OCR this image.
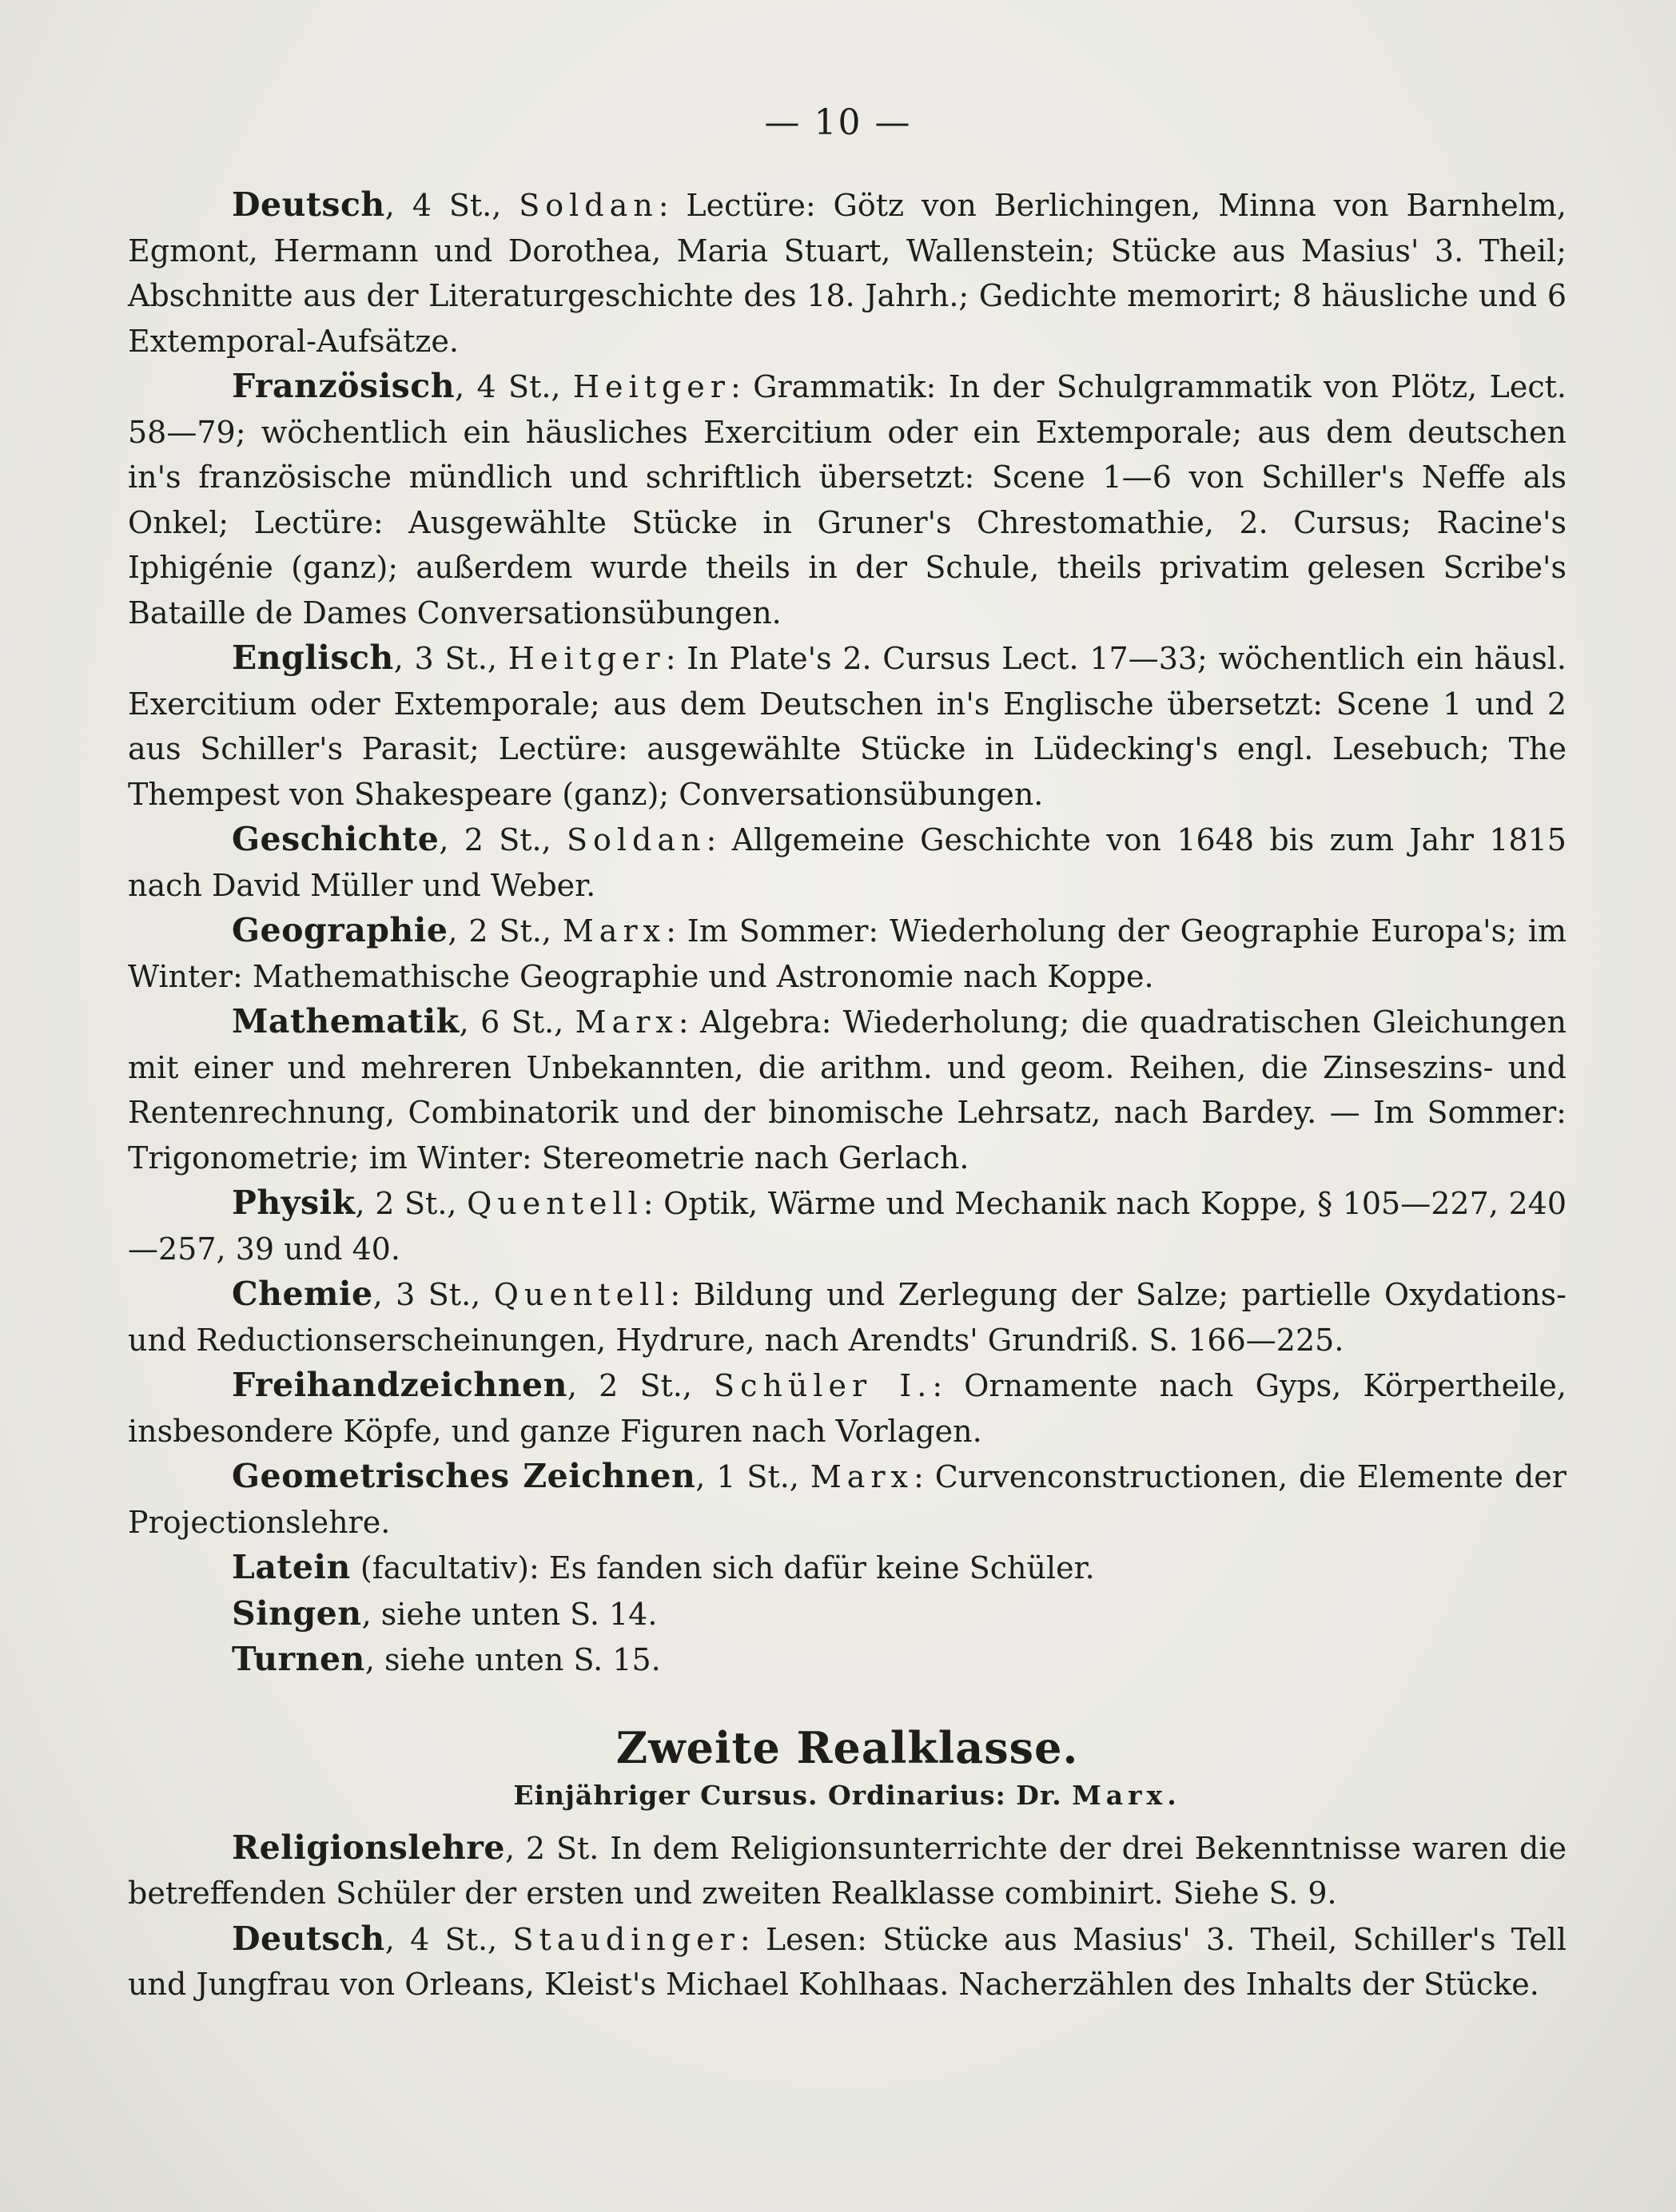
— 10 —

Deutsch, 4 St., Soldan: Lectüre: Götz von Berlichingen, Minna von Barnhelm, Egmont, Hermann und Dorothea, Maria Stuart, Wallenstein; Stücke aus Masius' 3. Theil; Abschnitte aus der Literaturgeschichte des 18. Jahrh.; Gedichte memorirt; 8 häusliche und 6 Extemporal-Aufsätze.

Französisch, 4 St., Heitger: Grammatik: In der Schulgrammatik von Plötz, Lect. 58—79; wöchentlich ein häusliches Exercitium oder ein Extemporale; aus dem deutschen in's französische mündlich und schriftlich übersetzt: Scene 1—6 von Schiller's Neffe als Onkel; Lectüre: Ausgewählte Stücke in Gruner's Chrestomathie, 2. Cursus; Racine's Iphigénie (ganz); außerdem wurde theils in der Schule, theils privatim gelesen Scribe's Bataille de Dames Conversationsübungen.

Englisch, 3 St., Heitger: In Plate's 2. Cursus Lect. 17—33; wöchentlich ein häusl. Exercitium oder Extemporale; aus dem Deutschen in's Englische übersetzt: Scene 1 und 2 aus Schiller's Parasit; Lectüre: ausgewählte Stücke in Lüdecking's engl. Lesebuch; The Thempest von Shakespeare (ganz); Conversationsübungen.

Geschichte, 2 St., Soldan: Allgemeine Geschichte von 1648 bis zum Jahr 1815 nach David Müller und Weber.

Geographie, 2 St., Marx: Im Sommer: Wiederholung der Geographie Europa's; im Winter: Mathemathische Geographie und Astronomie nach Koppe.

Mathematik, 6 St., Marx: Algebra: Wiederholung; die quadratischen Gleichungen mit einer und mehreren Unbekannten, die arithm. und geom. Reihen, die Zinseszins- und Rentenrechnung, Combinatorik und der binomische Lehrsatz, nach Bardey. — Im Sommer: Trigonometrie; im Winter: Stereometrie nach Gerlach.

Physik, 2 St., Quentell: Optik, Wärme und Mechanik nach Koppe, § 105—227, 240—257, 39 und 40.

Chemie, 3 St., Quentell: Bildung und Zerlegung der Salze; partielle Oxydations- und Reductionserscheinungen, Hydrure, nach Arendts' Grundriß. S. 166—225.

Freihandzeichnen, 2 St., Schüler I.: Ornamente nach Gyps, Körpertheile, insbesondere Köpfe, und ganze Figuren nach Vorlagen.

Geometrisches Zeichnen, 1 St., Marx: Curvenconstructionen, die Elemente der Projectionslehre.

Latein (facultativ): Es fanden sich dafür keine Schüler.

Singen, siehe unten S. 14.

Turnen, siehe unten S. 15.

Zweite Realklasse.
Einjähriger Cursus. Ordinarius: Dr. Marx.

Religionslehre, 2 St. In dem Religionsunterrichte der drei Bekenntnisse waren die betreffenden Schüler der ersten und zweiten Realklasse combinirt. Siehe S. 9.

Deutsch, 4 St., Staudinger: Lesen: Stücke aus Masius' 3. Theil, Schiller's Tell und Jungfrau von Orleans, Kleist's Michael Kohlhaas. Nacherzählen des Inhalts der Stücke.
